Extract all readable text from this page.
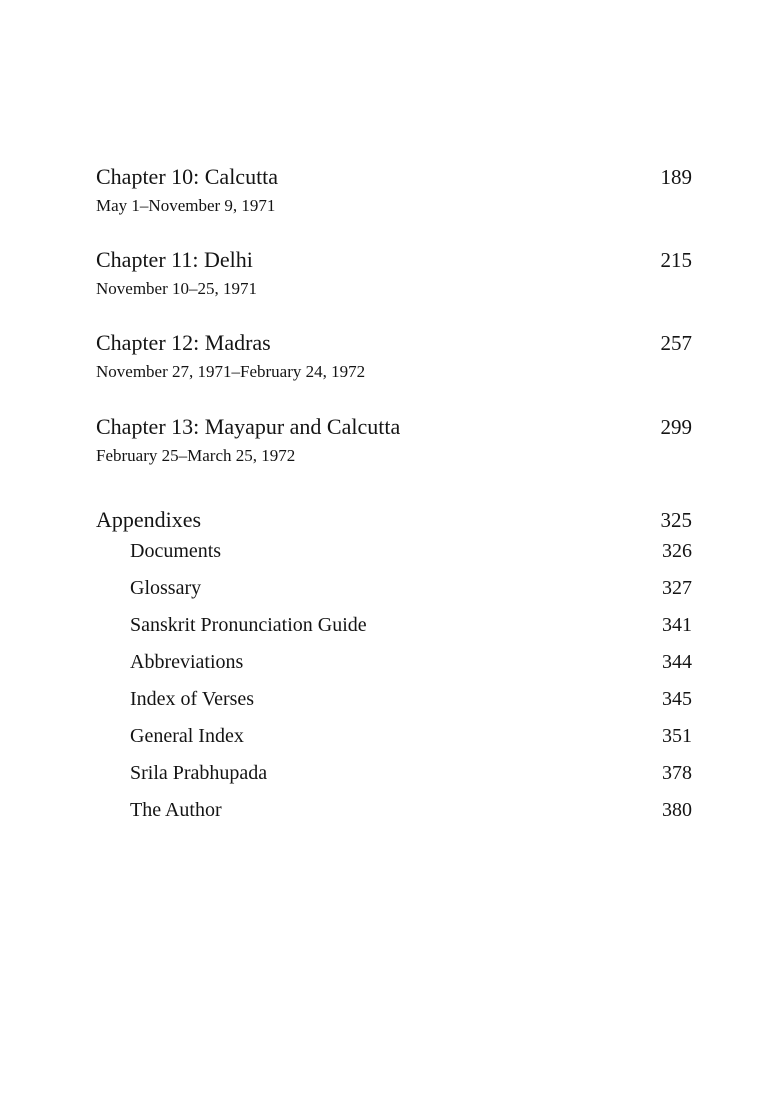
Chapter 10: Calcutta	189
May 1–November 9, 1971
Chapter 11: Delhi	215
November 10–25, 1971
Chapter 12: Madras	257
November 27, 1971–February 24, 1972
Chapter 13: Mayapur and Calcutta	299
February 25–March 25, 1972
Appendixes	325
Documents	326
Glossary	327
Sanskrit Pronunciation Guide	341
Abbreviations	344
Index of Verses	345
General Index	351
Srila Prabhupada	378
The Author	380
